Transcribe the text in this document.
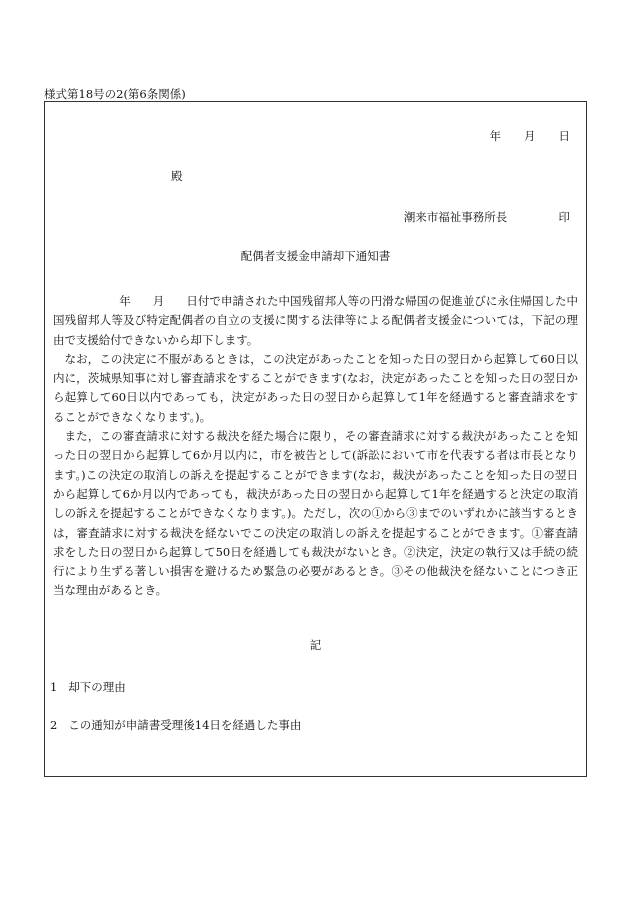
様式第18号の2(第6条関係)
年　　月　　日
殿
潮来市福祉事務所長	印
配偶者支援金申請却下通知書

年 月 日付で申請された中国残留邦人等の円滑な帰国の促進並びに永住帰国した中国残留邦人等及び特定配偶者の自立の支援に関する法律等による配偶者支援金については，下記の理由で支援給付できないから却下します。

なお，この決定に不服があるときは，この決定があったことを知った日の翌日から起算して60日以内に，茨城県知事に対し審査請求をすることができます(なお，決定があったことを知った日の翌日から起算して60日以内であっても，決定があった日の翌日から起算して1年を経過すると審査請求をすることができなくなります。)。

また，この審査請求に対する裁決を経た場合に限り，その審査請求に対する裁決があったことを知った日の翌日から起算して6か月以内に，市を被告として(訴訟において市を代表する者は市長となります。)この決定の取消しの訴えを提起することができます(なお，裁決があったことを知った日の翌日から起算して6か月以内であっても，裁決があった日の翌日から起算して1年を経過すると決定の取消しの訴えを提起することができなくなります。)。ただし，次の①から③までのいずれかに該当するときは，審査請求に対する裁決を経ないでこの決定の取消しの訴えを提起することができます。①審査請求をした日の翌日から起算して50日を経過しても裁決がないとき。②決定，決定の執行又は手続の続行により生ずる著しい損害を避けるため緊急の必要があるとき。③その他裁決を経ないことにつき正当な理由があるとき。

記
1 却下の理由
2 この通知が申請書受理後14日を経過した事由
